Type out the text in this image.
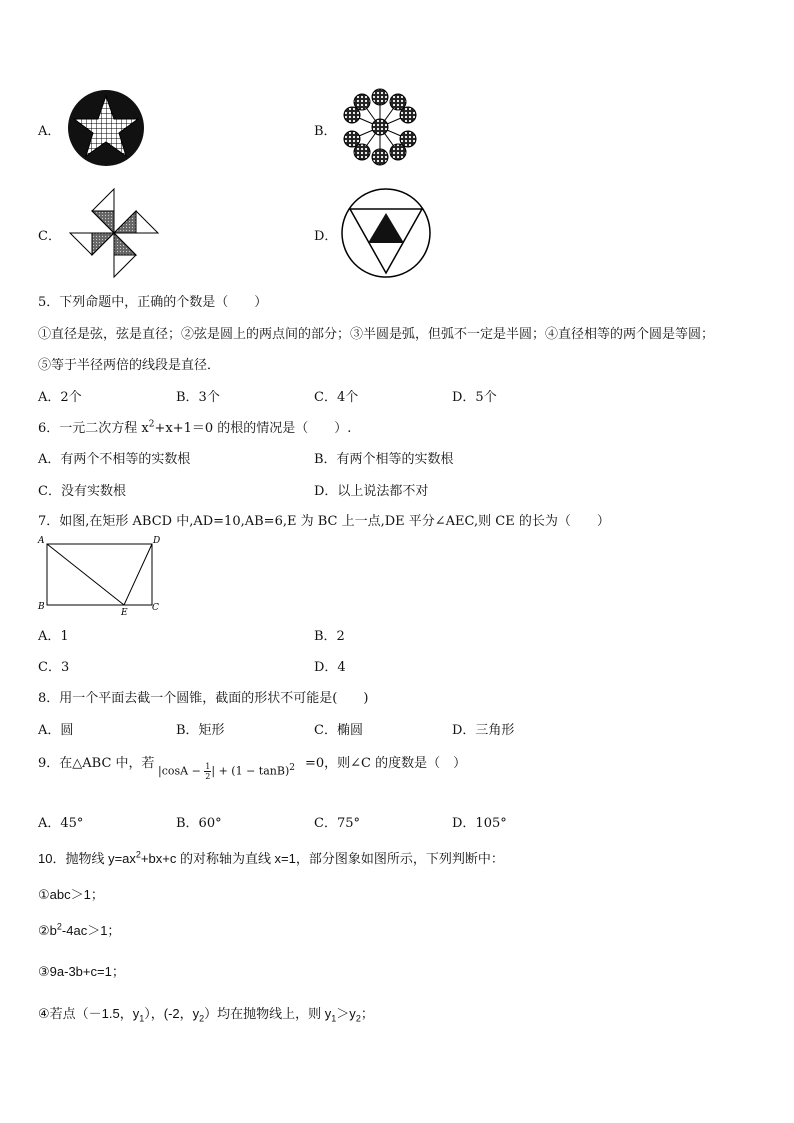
A．	B．
C．	D．
5．下列命题中，正确的个数是（　　）
①直径是弦，弦是直径；②弦是圆上的两点间的部分；③半圆是弧，但弧不一定是半圆；④直径相等的两个圆是等圆；
⑤等于半径两倍的线段是直径．
A．2个	B．3个	C．4个	D．5个
6．一元二次方程 $x^2+x+1=0$ 的根的情况是（　　）.
A．有两个不相等的实数根	B．有两个相等的实数根
C．没有实数根	D．以上说法都不对
7．如图,在矩形 ABCD 中,AD=10,AB=6,E 为 BC 上一点,DE 平分∠AEC,则 CE 的长为（　　）
A	D
B	C
E
A．1	B．2
C．3	D．4
8．用一个平面去截一个圆锥，截面的形状不可能是(　　)
A．圆	B．矩形	C．椭圆	D．三角形
9．在△ABC 中，若 $|\cos A - \frac{1}{2}$ | + $(1 - \tan B)^2 =0$，则∠C 的度数是（　）
A．45°	B．60°	C．75°	D．105°
10．抛物线 $y=ax^2+bx+c$ 的对称轴为直线 x=1，部分图象如图所示，下列判断中：
①abc＞1；
$②b^2-4ac>1$；
③9a-3b+c=1；
④若点（－1.5，$y_1$），(-2，$y_2$）均在抛物线上，则 $y_1>y_2$；
